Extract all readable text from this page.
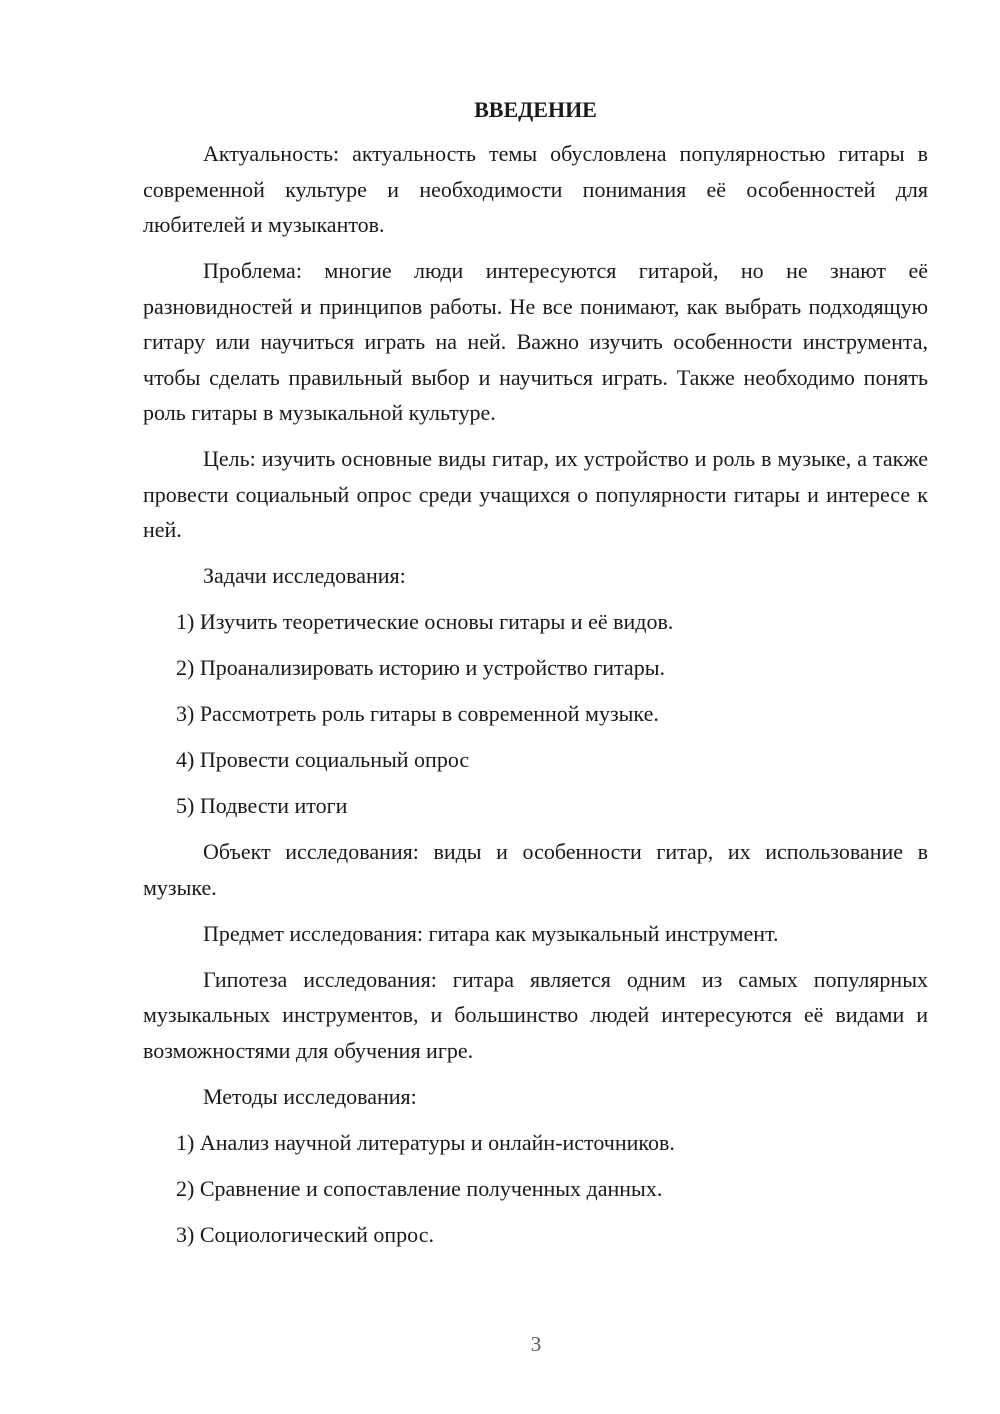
ВВЕДЕНИЕ

Актуальность: актуальность темы обусловлена популярностью гитары в современной культуре и необходимости понимания её особенностей для любителей и музыкантов.

Проблема: многие люди интересуются гитарой, но не знают её разновидностей и принципов работы. Не все понимают, как выбрать подходящую гитару или научиться играть на ней. Важно изучить особенности инструмента, чтобы сделать правильный выбор и научиться играть. Также необходимо понять роль гитары в музыкальной культуре.

Цель: изучить основные виды гитар, их устройство и роль в музыке, а также провести социальный опрос среди учащихся о популярности гитары и интересе к ней.

Задачи исследования:

1) Изучить теоретические основы гитары и её видов.
2) Проанализировать историю и устройство гитары.
3) Рассмотреть роль гитары в современной музыке.
4) Провести социальный опрос
5) Подвести итоги

Объект исследования: виды и особенности гитар, их использование в музыке.

Предмет исследования: гитара как музыкальный инструмент.

Гипотеза исследования: гитара является одним из самых популярных музыкальных инструментов, и большинство людей интересуются её видами и возможностями для обучения игре.

Методы исследования:

1) Анализ научной литературы и онлайн-источников.
2) Сравнение и сопоставление полученных данных.
3) Социологический опрос.
3
